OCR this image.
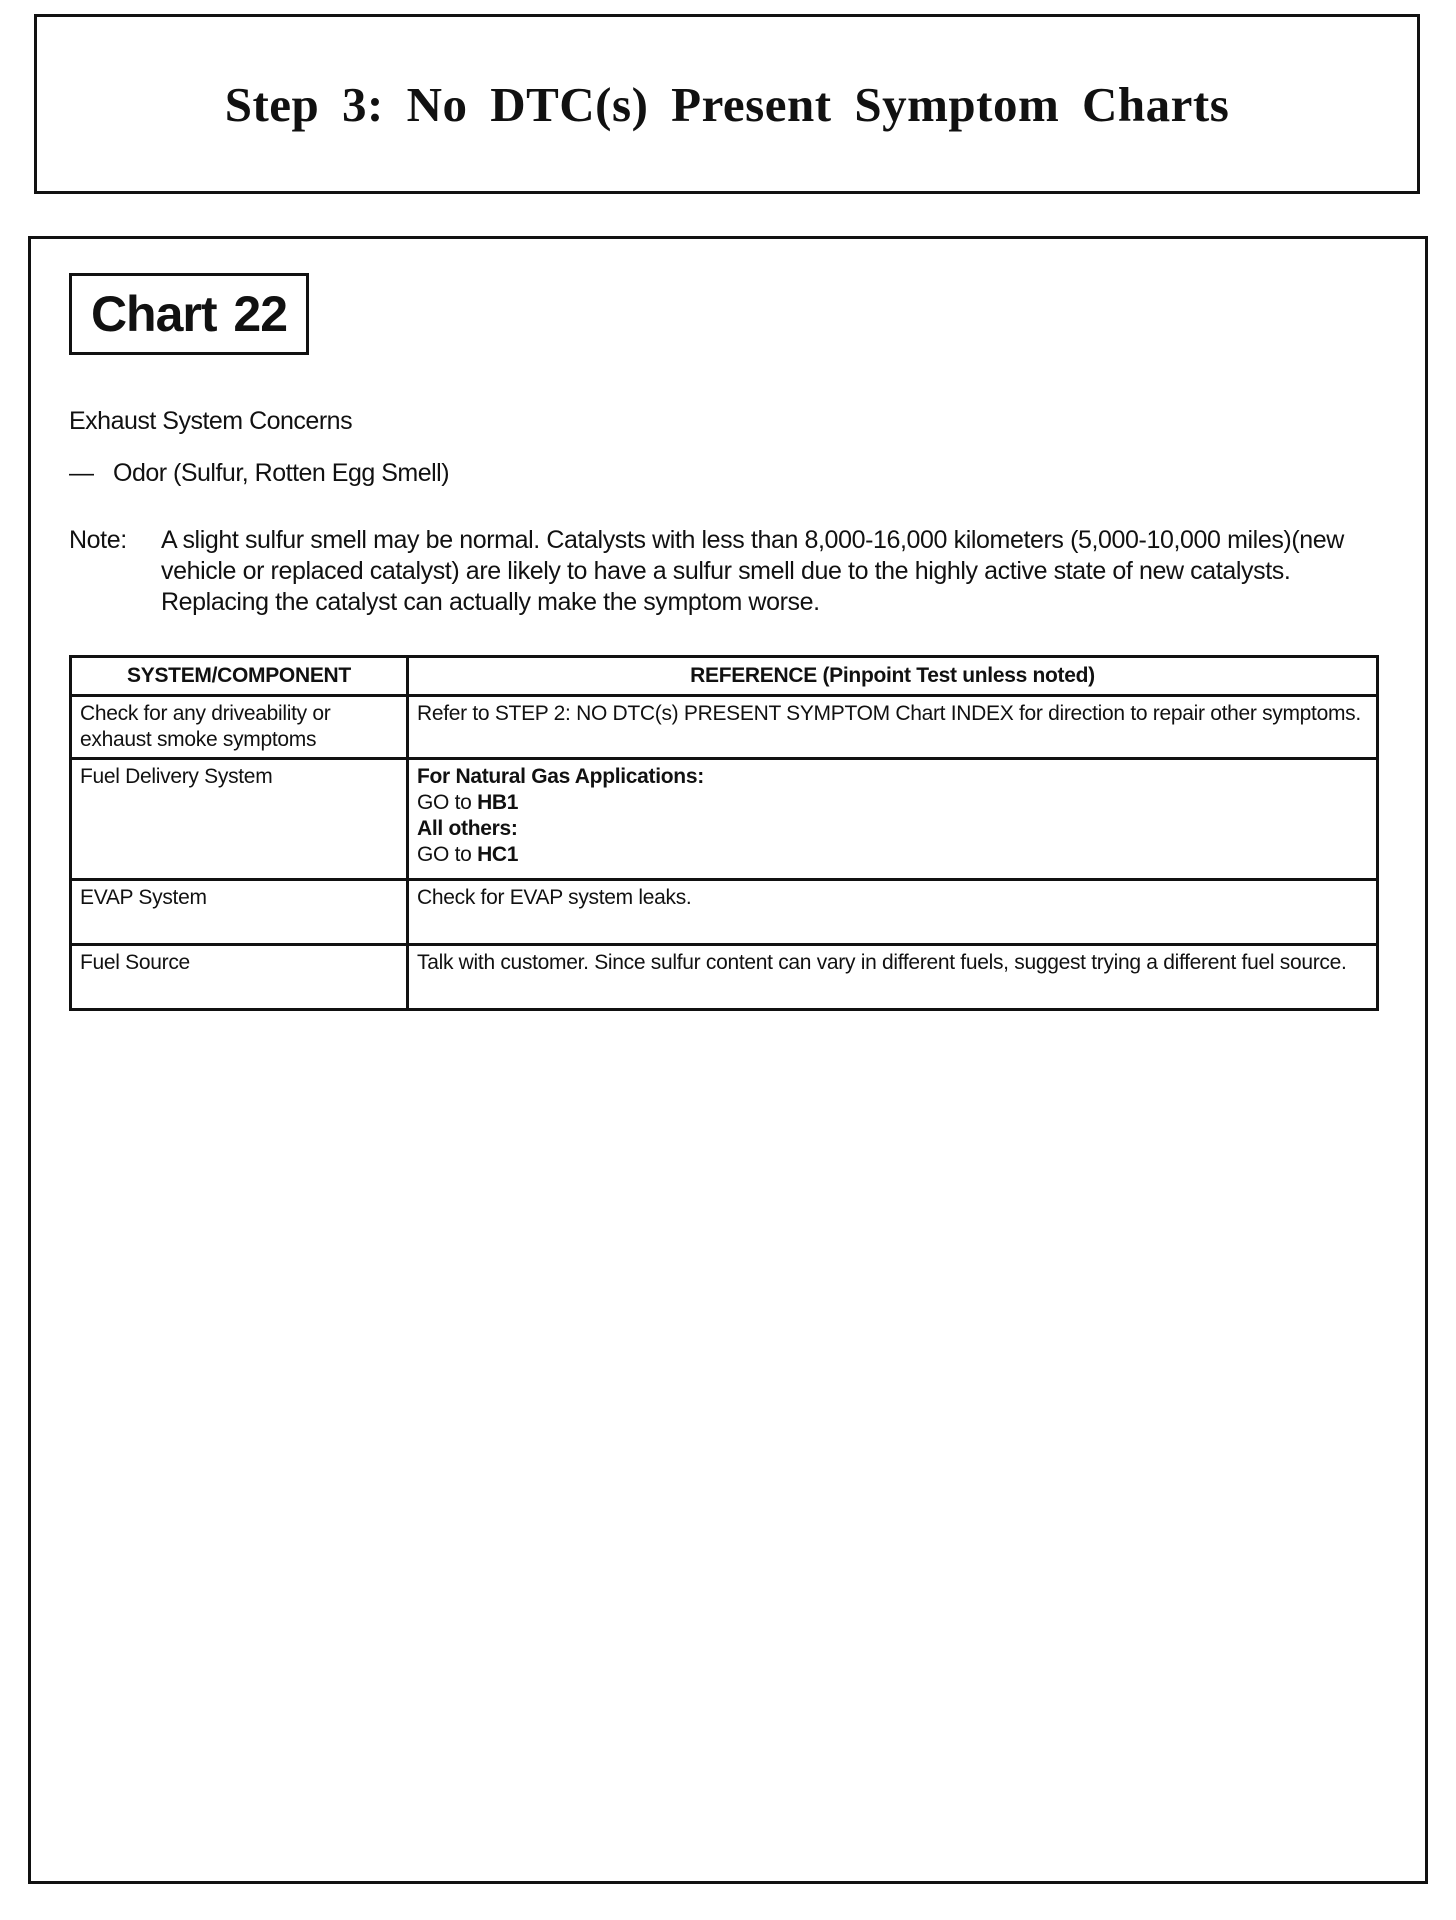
Step 3: No DTC(s) Present Symptom Charts
Chart 22
Exhaust System Concerns
— Odor (Sulfur, Rotten Egg Smell)
Note:	A slight sulfur smell may be normal. Catalysts with less than 8,000-16,000 kilometers (5,000-10,000 miles)(new vehicle or replaced catalyst) are likely to have a sulfur smell due to the highly active state of new catalysts. Replacing the catalyst can actually make the symptom worse.
SYSTEM/COMPONENT	REFERENCE (Pinpoint Test unless noted)
Check for any driveability or exhaust smoke symptoms	Refer to STEP 2: NO DTC(s) PRESENT SYMPTOM Chart INDEX for direction to repair other symptoms.
Fuel Delivery System	For Natural Gas Applications:
GO to HB1
All others:
GO to HC1

EVAP System	Check for EVAP system leaks.
Fuel Source	Talk with customer. Since sulfur content can vary in different fuels, suggest trying a different fuel source.
